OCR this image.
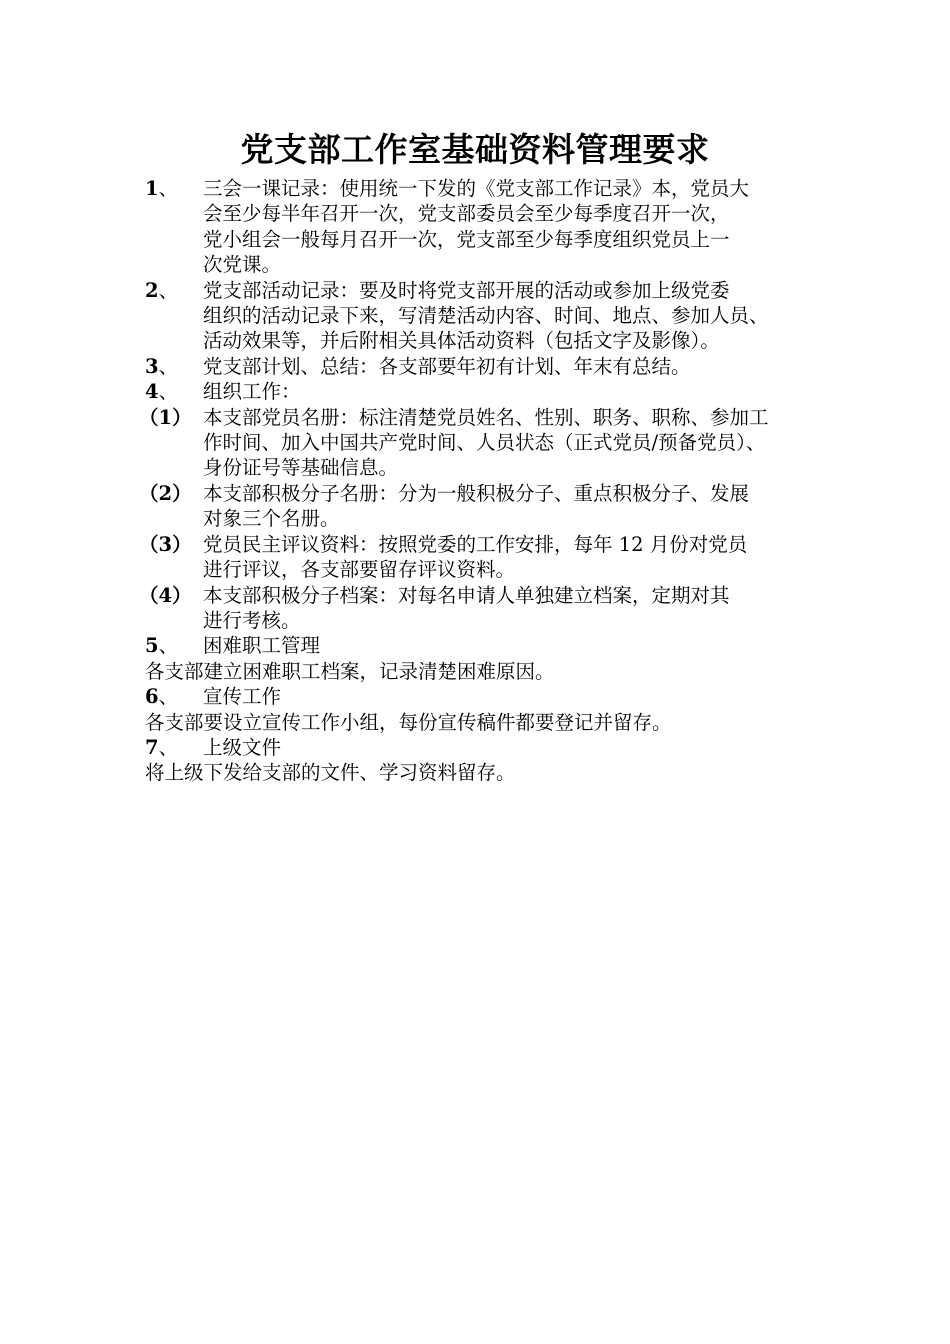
党支部工作室基础资料管理要求
1、	三会一课记录：使用统一下发的《党支部工作记录》本，党员大
会至少每半年召开一次，党支部委员会至少每季度召开一次，
党小组会一般每月召开一次，党支部至少每季度组织党员上一
次党课。
2、	党支部活动记录：要及时将党支部开展的活动或参加上级党委
组织的活动记录下来，写清楚活动内容、时间、地点、参加人员、
活动效果等，并后附相关具体活动资料（包括文字及影像）。
3、	党支部计划、总结：各支部要年初有计划、年末有总结。
4、	组织工作：
（1） 本支部党员名册：标注清楚党员姓名、性别、职务、职称、参加工
作时间、加入中国共产党时间、人员状态（正式党员/预备党员）、
身份证号等基础信息。
（2） 本支部积极分子名册：分为一般积极分子、重点积极分子、发展
对象三个名册。
（3） 党员民主评议资料：按照党委的工作安排，每年 12 月份对党员
进行评议，各支部要留存评议资料。
（4） 本支部积极分子档案：对每名申请人单独建立档案，定期对其
进行考核。
5、	困难职工管理
各支部建立困难职工档案，记录清楚困难原因。
6、	宣传工作
各支部要设立宣传工作小组，每份宣传稿件都要登记并留存。
7、	上级文件
将上级下发给支部的文件、学习资料留存。
